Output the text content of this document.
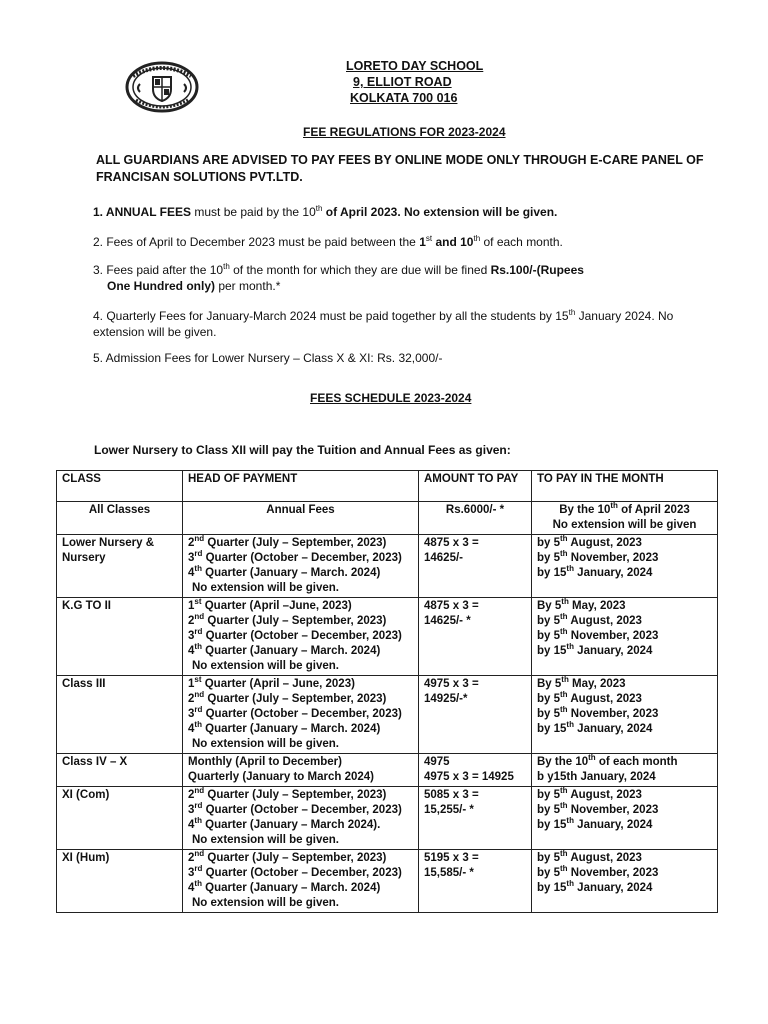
LORETO DAY SCHOOL
9, ELLIOT ROAD
KOLKATA 700 016
FEE REGULATIONS FOR 2023-2024
ALL GUARDIANS ARE ADVISED TO PAY FEES BY ONLINE MODE ONLY THROUGH E-CARE PANEL OF FRANCISAN SOLUTIONS PVT.LTD.
1. ANNUAL FEES must be paid by the 10th of April 2023. No extension will be given.
2. Fees of April to December 2023 must be paid between the 1st and 10th of each month.
3. Fees paid after the 10th of the month for which they are due will be fined Rs.100/-(Rupees
One Hundred only) per month.*
4. Quarterly Fees for January-March 2024 must be paid together by all the students by 15th January 2024. No extension will be given.
5. Admission Fees for Lower Nursery – Class X & XI: Rs. 32,000/-
FEES SCHEDULE 2023-2024
Lower Nursery to Class XII will pay the Tuition and Annual Fees as given:
CLASS	HEAD OF PAYMENT	AMOUNT TO PAY	TO PAY IN THE MONTH
All Classes	Annual Fees	Rs.6000/- *	By the 10th of April 2023
No extension will be given

Lower Nursery & Nursery	2nd Quarter (July – September, 2023)
3rd Quarter (October – December, 2023)
4th Quarter (January – March. 2024)
No extension will be given.	4875 x 3 =
14625/-	by 5th August, 2023
by 5th November, 2023
by 15th January, 2024

K.G TO II	1st Quarter (April –June, 2023)
2nd Quarter (July – September, 2023)
3rd Quarter (October – December, 2023)
4th Quarter (January – March. 2024)
No extension will be given.	4875 x 3 =
14625/- *	By 5th May, 2023
by 5th August, 2023
by 5th November, 2023
by 15th January, 2024

Class III	1st Quarter (April – June, 2023)
2nd Quarter (July – September, 2023)
3rd Quarter (October – December, 2023)
4th Quarter (January – March. 2024)
No extension will be given.	4975 x 3 =
14925/-*	By 5th May, 2023
by 5th August, 2023
by 5th November, 2023
by 15th January, 2024

Class IV – X	Monthly (April to December)
Quarterly (January to March 2024)	4975
4975 x 3 = 14925	By the 10th of each month
b y15th January, 2024

XI (Com)	2nd Quarter (July – September, 2023)
3rd Quarter (October – December, 2023)
4th Quarter (January – March 2024).
No extension will be given.	5085 x 3 =
15,255/- *	by 5th August, 2023
by 5th November, 2023
by 15th January, 2024

XI (Hum)	2nd Quarter (July – September, 2023)
3rd Quarter (October – December, 2023)
4th Quarter (January – March. 2024)
No extension will be given.	5195 x 3 =
15,585/- *	by 5th August, 2023
by 5th November, 2023
by 15th January, 2024
